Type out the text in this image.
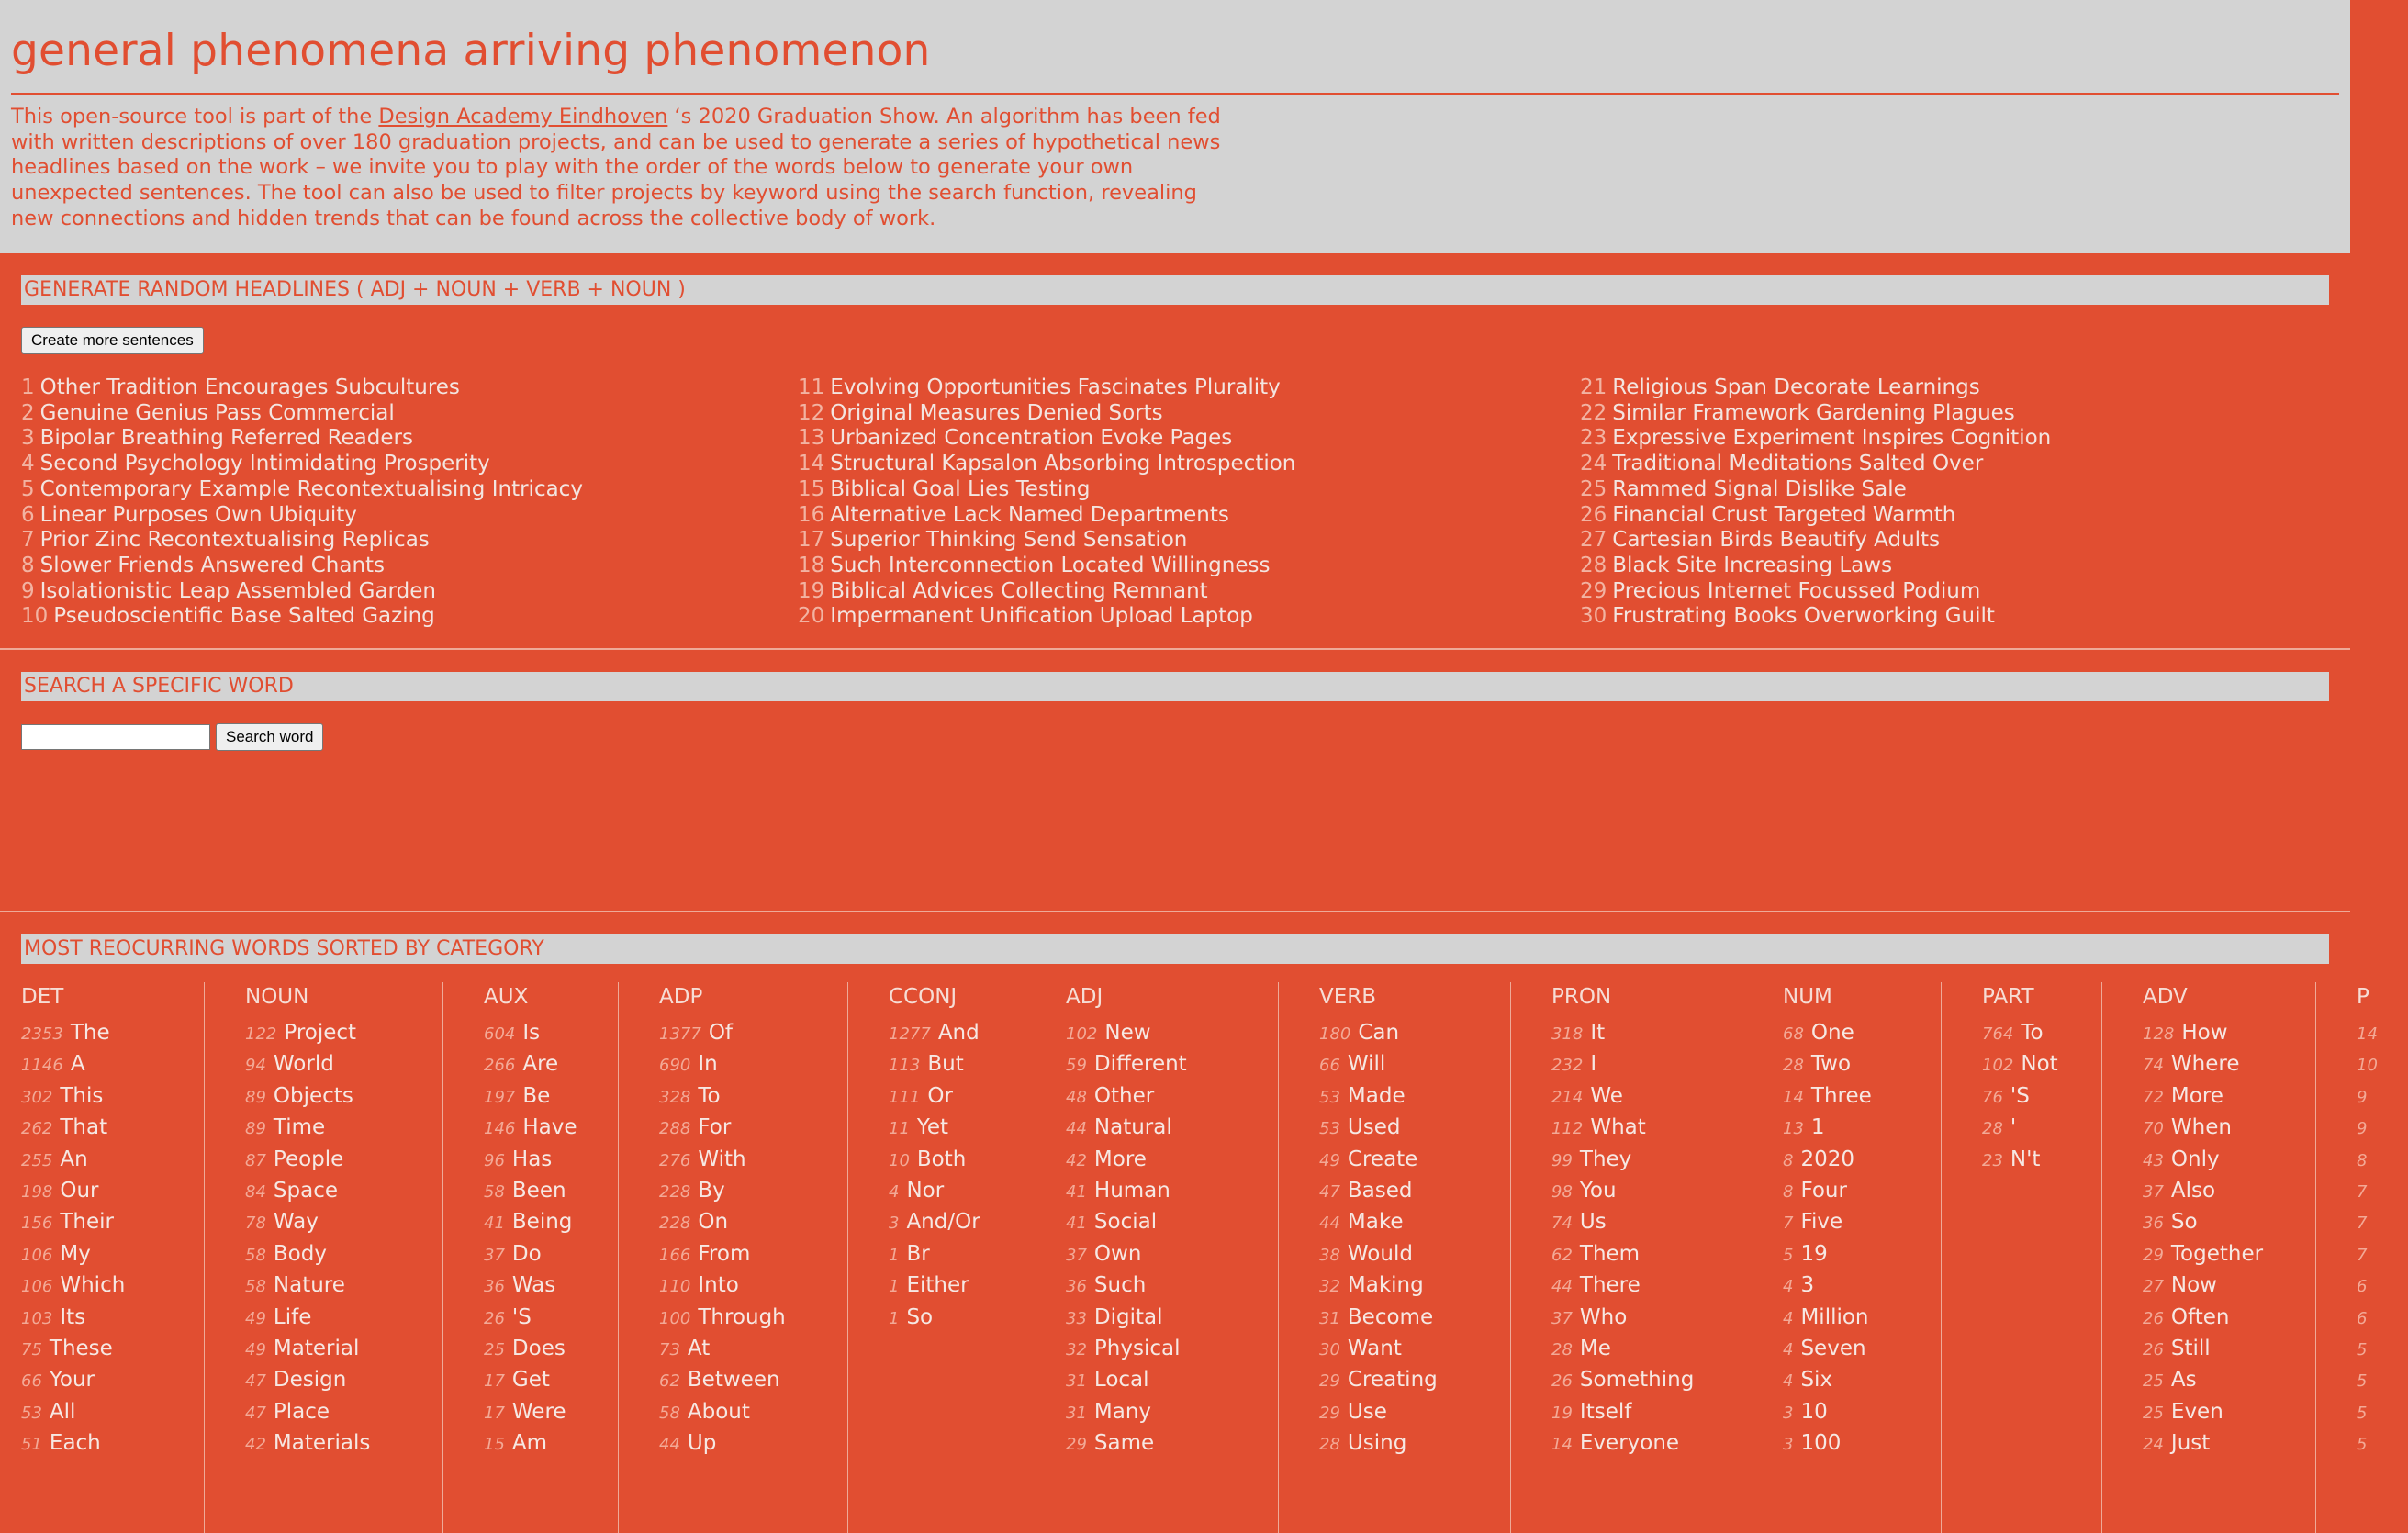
general phenomena arriving phenomenon
This open-source tool is part of the Design Academy Eindhoven ‘s 2020 Graduation Show. An algorithm has been fed with written descriptions of over 180 graduation projects, and can be used to generate a series of hypothetical news headlines based on the work – we invite you to play with the order of the words below to generate your own unexpected sentences. The tool can also be used to filter projects by keyword using the search function, revealing new connections and hidden trends that can be found across the collective body of work.
GENERATE RANDOM HEADLINES ( ADJ + NOUN + VERB + NOUN )
Create more sentences
1 Other Tradition Encourages Subcultures
2 Genuine Genius Pass Commercial
3 Bipolar Breathing Referred Readers
4 Second Psychology Intimidating Prosperity
5 Contemporary Example Recontextualising Intricacy
6 Linear Purposes Own Ubiquity
7 Prior Zinc Recontextualising Replicas
8 Slower Friends Answered Chants
9 Isolationistic Leap Assembled Garden
10 Pseudoscientific Base Salted Gazing
11 Evolving Opportunities Fascinates Plurality
12 Original Measures Denied Sorts
13 Urbanized Concentration Evoke Pages
14 Structural Kapsalon Absorbing Introspection
15 Biblical Goal Lies Testing
16 Alternative Lack Named Departments
17 Superior Thinking Send Sensation
18 Such Interconnection Located Willingness
19 Biblical Advices Collecting Remnant
20 Impermanent Unification Upload Laptop
21 Religious Span Decorate Learnings
22 Similar Framework Gardening Plagues
23 Expressive Experiment Inspires Cognition
24 Traditional Meditations Salted Over
25 Rammed Signal Dislike Sale
26 Financial Crust Targeted Warmth
27 Cartesian Birds Beautify Adults
28 Black Site Increasing Laws
29 Precious Internet Focussed Podium
30 Frustrating Books Overworking Guilt
SEARCH A SPECIFIC WORD
Search word
MOST REOCURRING WORDS SORTED BY CATEGORY
DET
2353 The
1146 A
302 This
262 That
255 An
198 Our
156 Their
106 My
106 Which
103 Its
75 These
66 Your
53 All
51 Each
NOUN
122 Project
94 World
89 Objects
89 Time
87 People
84 Space
78 Way
58 Body
58 Nature
49 Life
49 Material
47 Design
47 Place
42 Materials
AUX
604 Is
266 Are
197 Be
146 Have
96 Has
58 Been
41 Being
37 Do
36 Was
26 'S
25 Does
17 Get
17 Were
15 Am
ADP
1377 Of
690 In
328 To
288 For
276 With
228 By
228 On
166 From
110 Into
100 Through
73 At
62 Between
58 About
44 Up
CCONJ
1277 And
113 But
111 Or
11 Yet
10 Both
4 Nor
3 And/Or
1 Br
1 Either
1 So
ADJ
102 New
59 Different
48 Other
44 Natural
42 More
41 Human
41 Social
37 Own
36 Such
33 Digital
32 Physical
31 Local
31 Many
29 Same
VERB
180 Can
66 Will
53 Made
53 Used
49 Create
47 Based
44 Make
38 Would
32 Making
31 Become
30 Want
29 Creating
29 Use
28 Using
PRON
318 It
232 I
214 We
112 What
99 They
98 You
74 Us
62 Them
44 There
37 Who
28 Me
26 Something
19 Itself
14 Everyone
NUM
68 One
28 Two
14 Three
13 1
8 2020
8 Four
7 Five
5 19
4 3
4 Million
4 Seven
4 Six
3 10
3 100
PART
764 To
102 Not
76 'S
28 '
23 N't
ADV
128 How
74 Where
72 More
70 When
43 Only
37 Also
36 So
29 Together
27 Now
26 Often
26 Still
25 As
25 Even
24 Just
P
14
10
9
9
8
7
7
7
6
6
5
5
5
5
